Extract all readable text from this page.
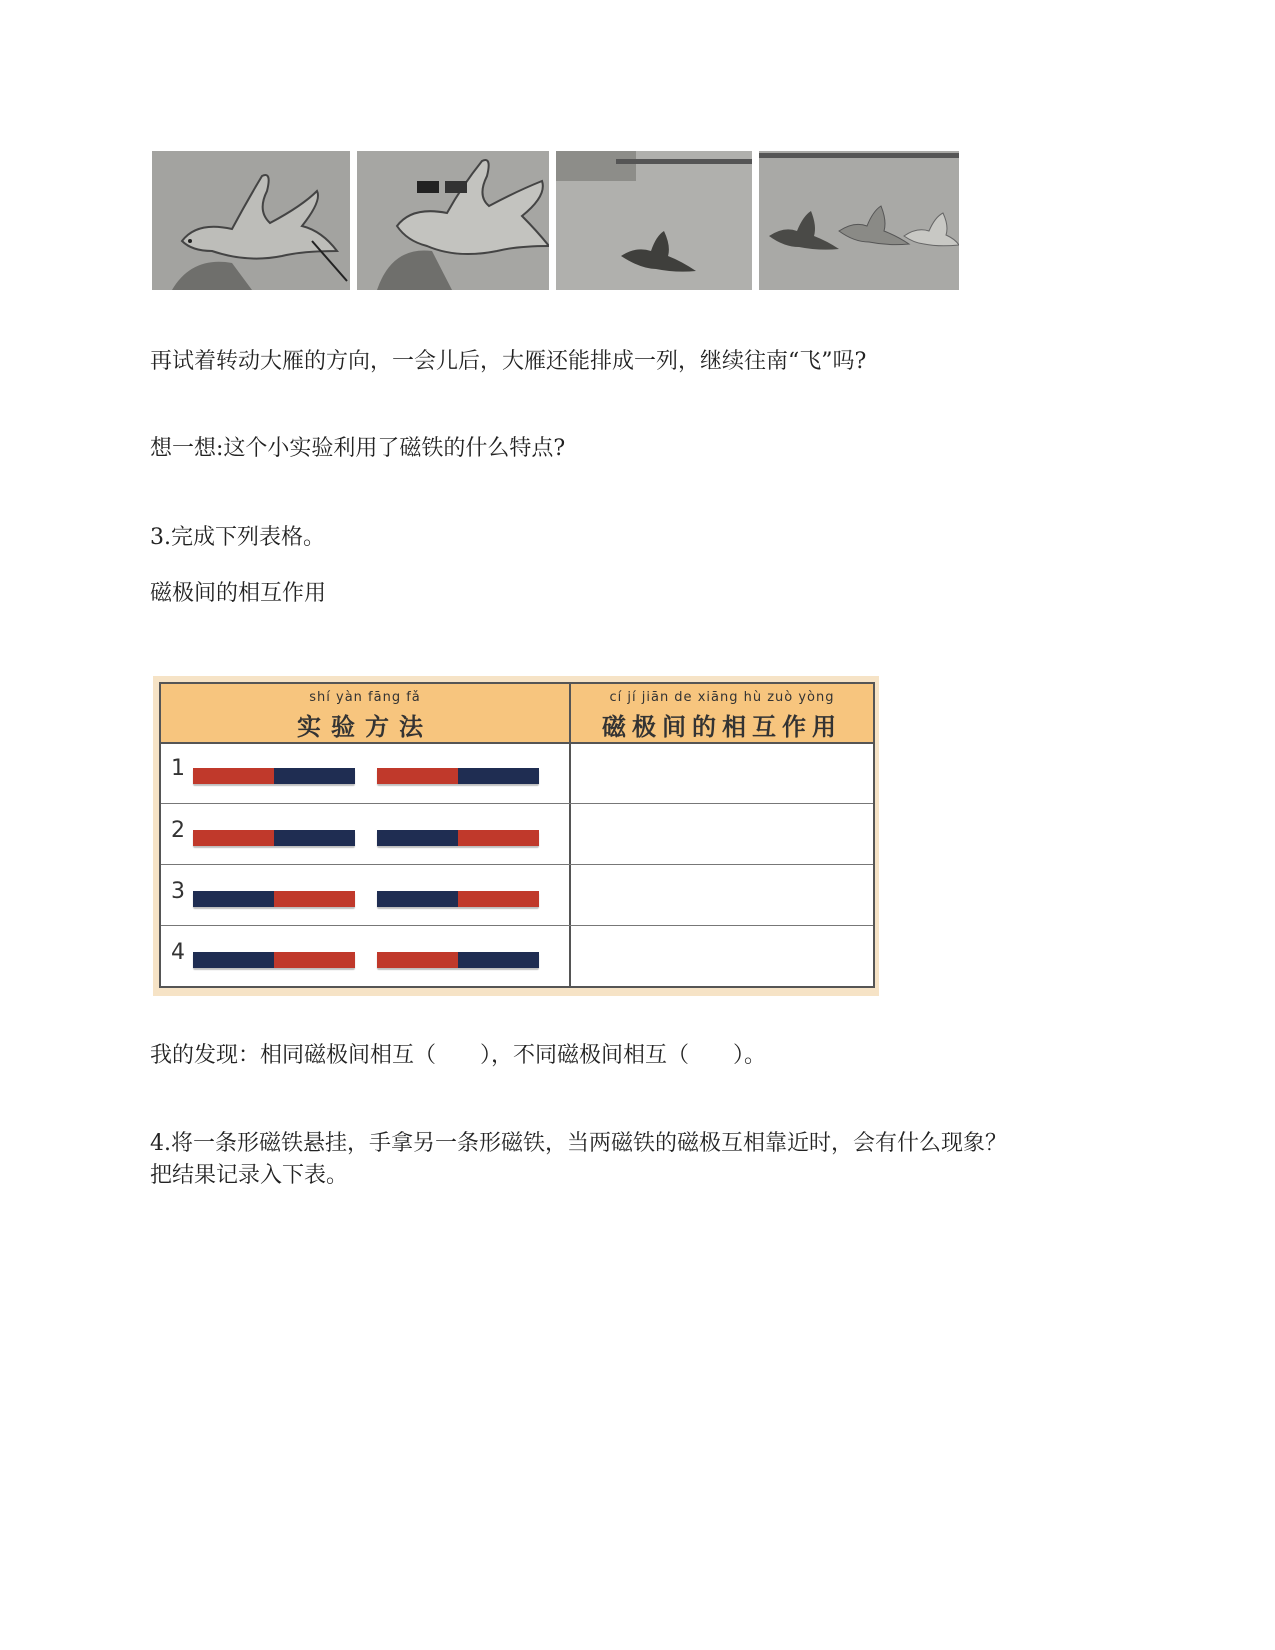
再试着转动大雁的方向，一会儿后，大雁还能排成一列，继续往南“飞”吗?
想一想:这个小实验利用了磁铁的什么特点?
3.完成下列表格。
磁极间的相互作用
shí yàn fāng fǎ
实验方法
cí jí jiān de xiāng hù zuò yòng
磁极间的相互作用
1
2
3
4
我的发现：相同磁极间相互（　　），不同磁极间相互（　　）。
4.将一条形磁铁悬挂，手拿另一条形磁铁，当两磁铁的磁极互相靠近时，会有什么现象？
把结果记录入下表。
